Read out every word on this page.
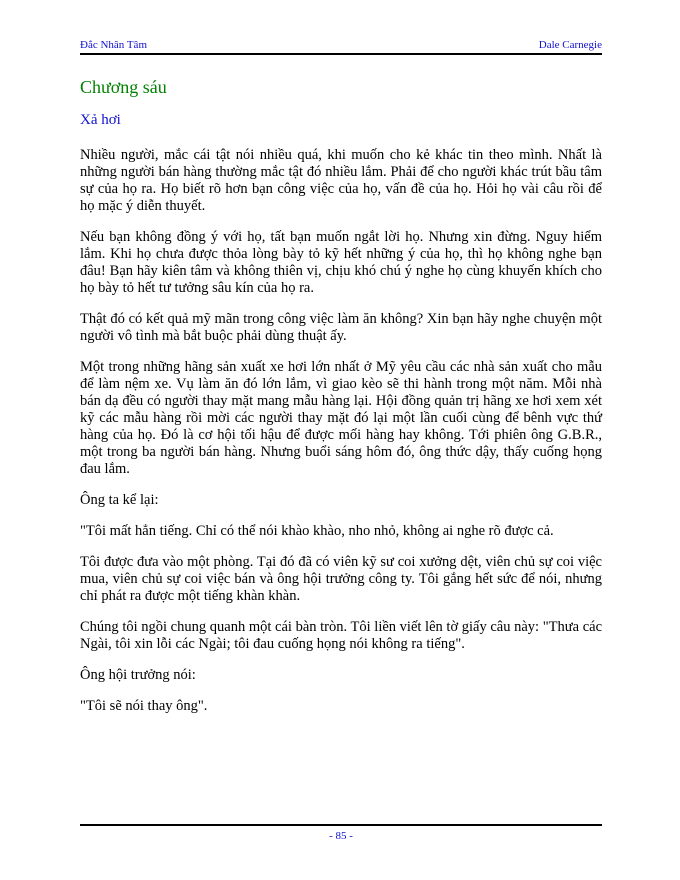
Đắc Nhân Tâm	Dale Carnegie
Chương sáu
Xả hơi

Nhiều người, mắc cái tật nói nhiều quá, khi muốn cho kẻ khác tin theo mình. Nhất là những người bán hàng thường mắc tật đó nhiều lắm. Phải để cho người khác trút bầu tâm sự của họ ra. Họ biết rõ hơn bạn công việc của họ, vấn đề của họ. Hỏi họ vài câu rồi để họ mặc ý diễn thuyết.

Nếu bạn không đồng ý với họ, tất bạn muốn ngắt lời họ. Nhưng xin đừng. Nguy hiểm lắm. Khi họ chưa được thỏa lòng bày tỏ kỹ hết những ý của họ, thì họ không nghe bạn đâu! Bạn hãy kiên tâm và không thiên vị, chịu khó chú ý nghe họ cùng khuyến khích cho họ bày tỏ hết tư tưởng sâu kín của họ ra.

Thật đó có kết quả mỹ mãn trong công việc làm ăn không? Xin bạn hãy nghe chuyện một người vô tình mà bắt buộc phải dùng thuật ấy.

Một trong những hãng sản xuất xe hơi lớn nhất ở Mỹ yêu cầu các nhà sản xuất cho mẫu để làm nệm xe. Vụ làm ăn đó lớn lắm, vì giao kèo sẽ thi hành trong một năm. Mỗi nhà bán dạ đều có người thay mặt mang mẫu hàng lại. Hội đồng quản trị hãng xe hơi xem xét kỹ các mẫu hàng rồi mời các người thay mặt đó lại một lần cuối cùng để bênh vực thứ hàng của họ. Đó là cơ hội tối hậu để được mối hàng hay không. Tới phiên ông G.B.R., một trong ba người bán hàng. Nhưng buổi sáng hôm đó, ông thức dậy, thấy cuống họng đau lắm.

Ông ta kể lại:

"Tôi mất hẳn tiếng. Chỉ có thể nói khào khào, nho nhỏ, không ai nghe rõ được cả.

Tôi được đưa vào một phòng. Tại đó đã có viên kỹ sư coi xưởng dệt, viên chủ sự coi việc mua, viên chủ sự coi việc bán và ông hội trưởng công ty. Tôi gắng hết sức để nói, nhưng chỉ phát ra được một tiếng khàn khàn.

Chúng tôi ngồi chung quanh một cái bàn tròn. Tôi liền viết lên tờ giấy câu này: "Thưa các Ngài, tôi xin lỗi các Ngài; tôi đau cuống họng nói không ra tiếng".

Ông hội trưởng nói:

"Tôi sẽ nói thay ông".

- 85 -
